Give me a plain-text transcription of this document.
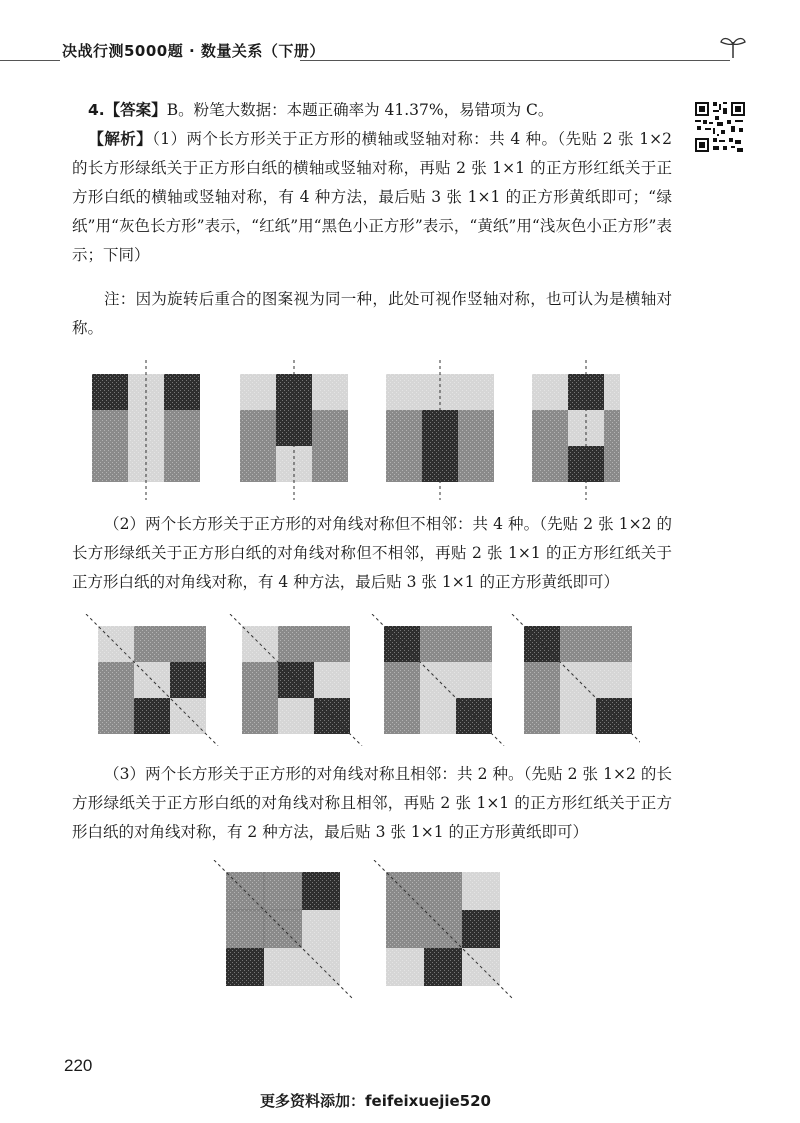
决战行测5000题 · 数量关系（下册）

4.【答案】B。粉笔大数据：本题正确率为 41.37%，易错项为 C。

【解析】（1）两个长方形关于正方形的横轴或竖轴对称：共 4 种。（先贴 2 张 1×2 的长方形绿纸关于正方形白纸的横轴或竖轴对称，再贴 2 张 1×1 的正方形红纸关于正方形白纸的横轴或竖轴对称，有 4 种方法，最后贴 3 张 1×1 的正方形黄纸即可；“绿纸”用“灰色长方形”表示，“红纸”用“黑色小正方形”表示，“黄纸”用“浅灰色小正方形”表示；下同）

注：因为旋转后重合的图案视为同一种，此处可视作竖轴对称，也可认为是横轴对称。

（2）两个长方形关于正方形的对角线对称但不相邻：共 4 种。（先贴 2 张 1×2 的长方形绿纸关于正方形白纸的对角线对称但不相邻，再贴 2 张 1×1 的正方形红纸关于正方形白纸的对角线对称，有 4 种方法，最后贴 3 张 1×1 的正方形黄纸即可）

（3）两个长方形关于正方形的对角线对称且相邻：共 2 种。（先贴 2 张 1×2 的长方形绿纸关于正方形白纸的对角线对称且相邻，再贴 2 张 1×1 的正方形红纸关于正方形白纸的对角线对称，有 2 种方法，最后贴 3 张 1×1 的正方形黄纸即可）

220
更多资料添加：feifeixuejie520
